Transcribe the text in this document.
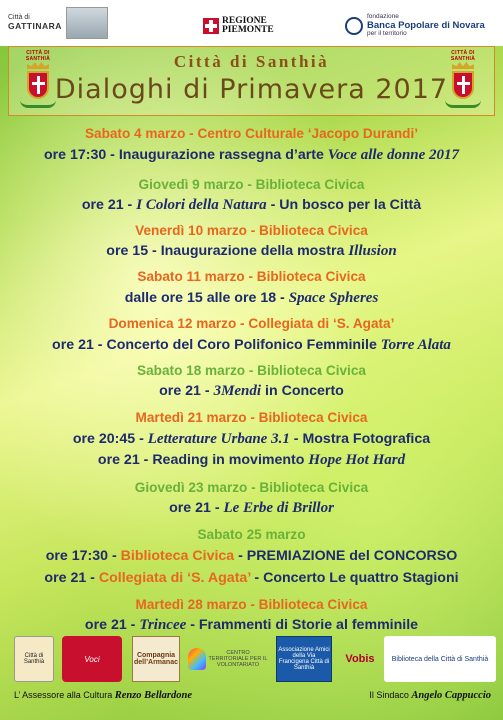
Città di
GATTINARA
REGIONE
PIEMONTE
fondazione
Banca Popolare di Novara
per il territorio
CITTÀ DI SANTHIÀ
CITTÀ DI SANTHIÀ
Città di Santhià
Dialoghi di Primavera 2017
Sabato 4 marzo - Centro Culturale ‘Jacopo Durandi’
ore 17:30 - Inaugurazione rassegna d’arte Voce alle donne 2017
Giovedì 9 marzo - Biblioteca Civica
ore 21 - I Colori della Natura - Un bosco per la Città
Venerdì 10 marzo - Biblioteca Civica
ore 15 - Inaugurazione della mostra Illusion
Sabato 11 marzo - Biblioteca Civica
dalle ore 15 alle ore 18 - Space Spheres
Domenica 12 marzo - Collegiata di ‘S. Agata’
ore 21 - Concerto del Coro Polifonico Femminile Torre Alata
Sabato 18 marzo - Biblioteca Civica
ore 21 - 3Mendi in Concerto
Martedì 21 marzo - Biblioteca Civica
ore 20:45 - Letterature Urbane 3.1 - Mostra Fotografica
ore 21 - Reading in movimento Hope Hot Hard
Giovedì 23 marzo - Biblioteca Civica
ore 21 - Le Erbe di Brillor
Sabato 25 marzo
ore 17:30 - Biblioteca Civica - PREMIAZIONE del CONCORSO
ore 21 - Collegiata di ‘S. Agata’ - Concerto Le quattro Stagioni
Martedì 28 marzo - Biblioteca Civica
ore 21 - Trincee - Frammenti di Storie al femminile
Città di Santhià	Voci	Compagnia dell’Armanac
CENTRO TERRITORIALE PER IL VOLONTARIATO
Associazione Amici della Via Francigena Città di Santhià
Vobis	Biblioteca della Città di Santhià
L’ Assessore alla Cultura Renzo Bellardone	Il Sindaco Angelo Cappuccio
